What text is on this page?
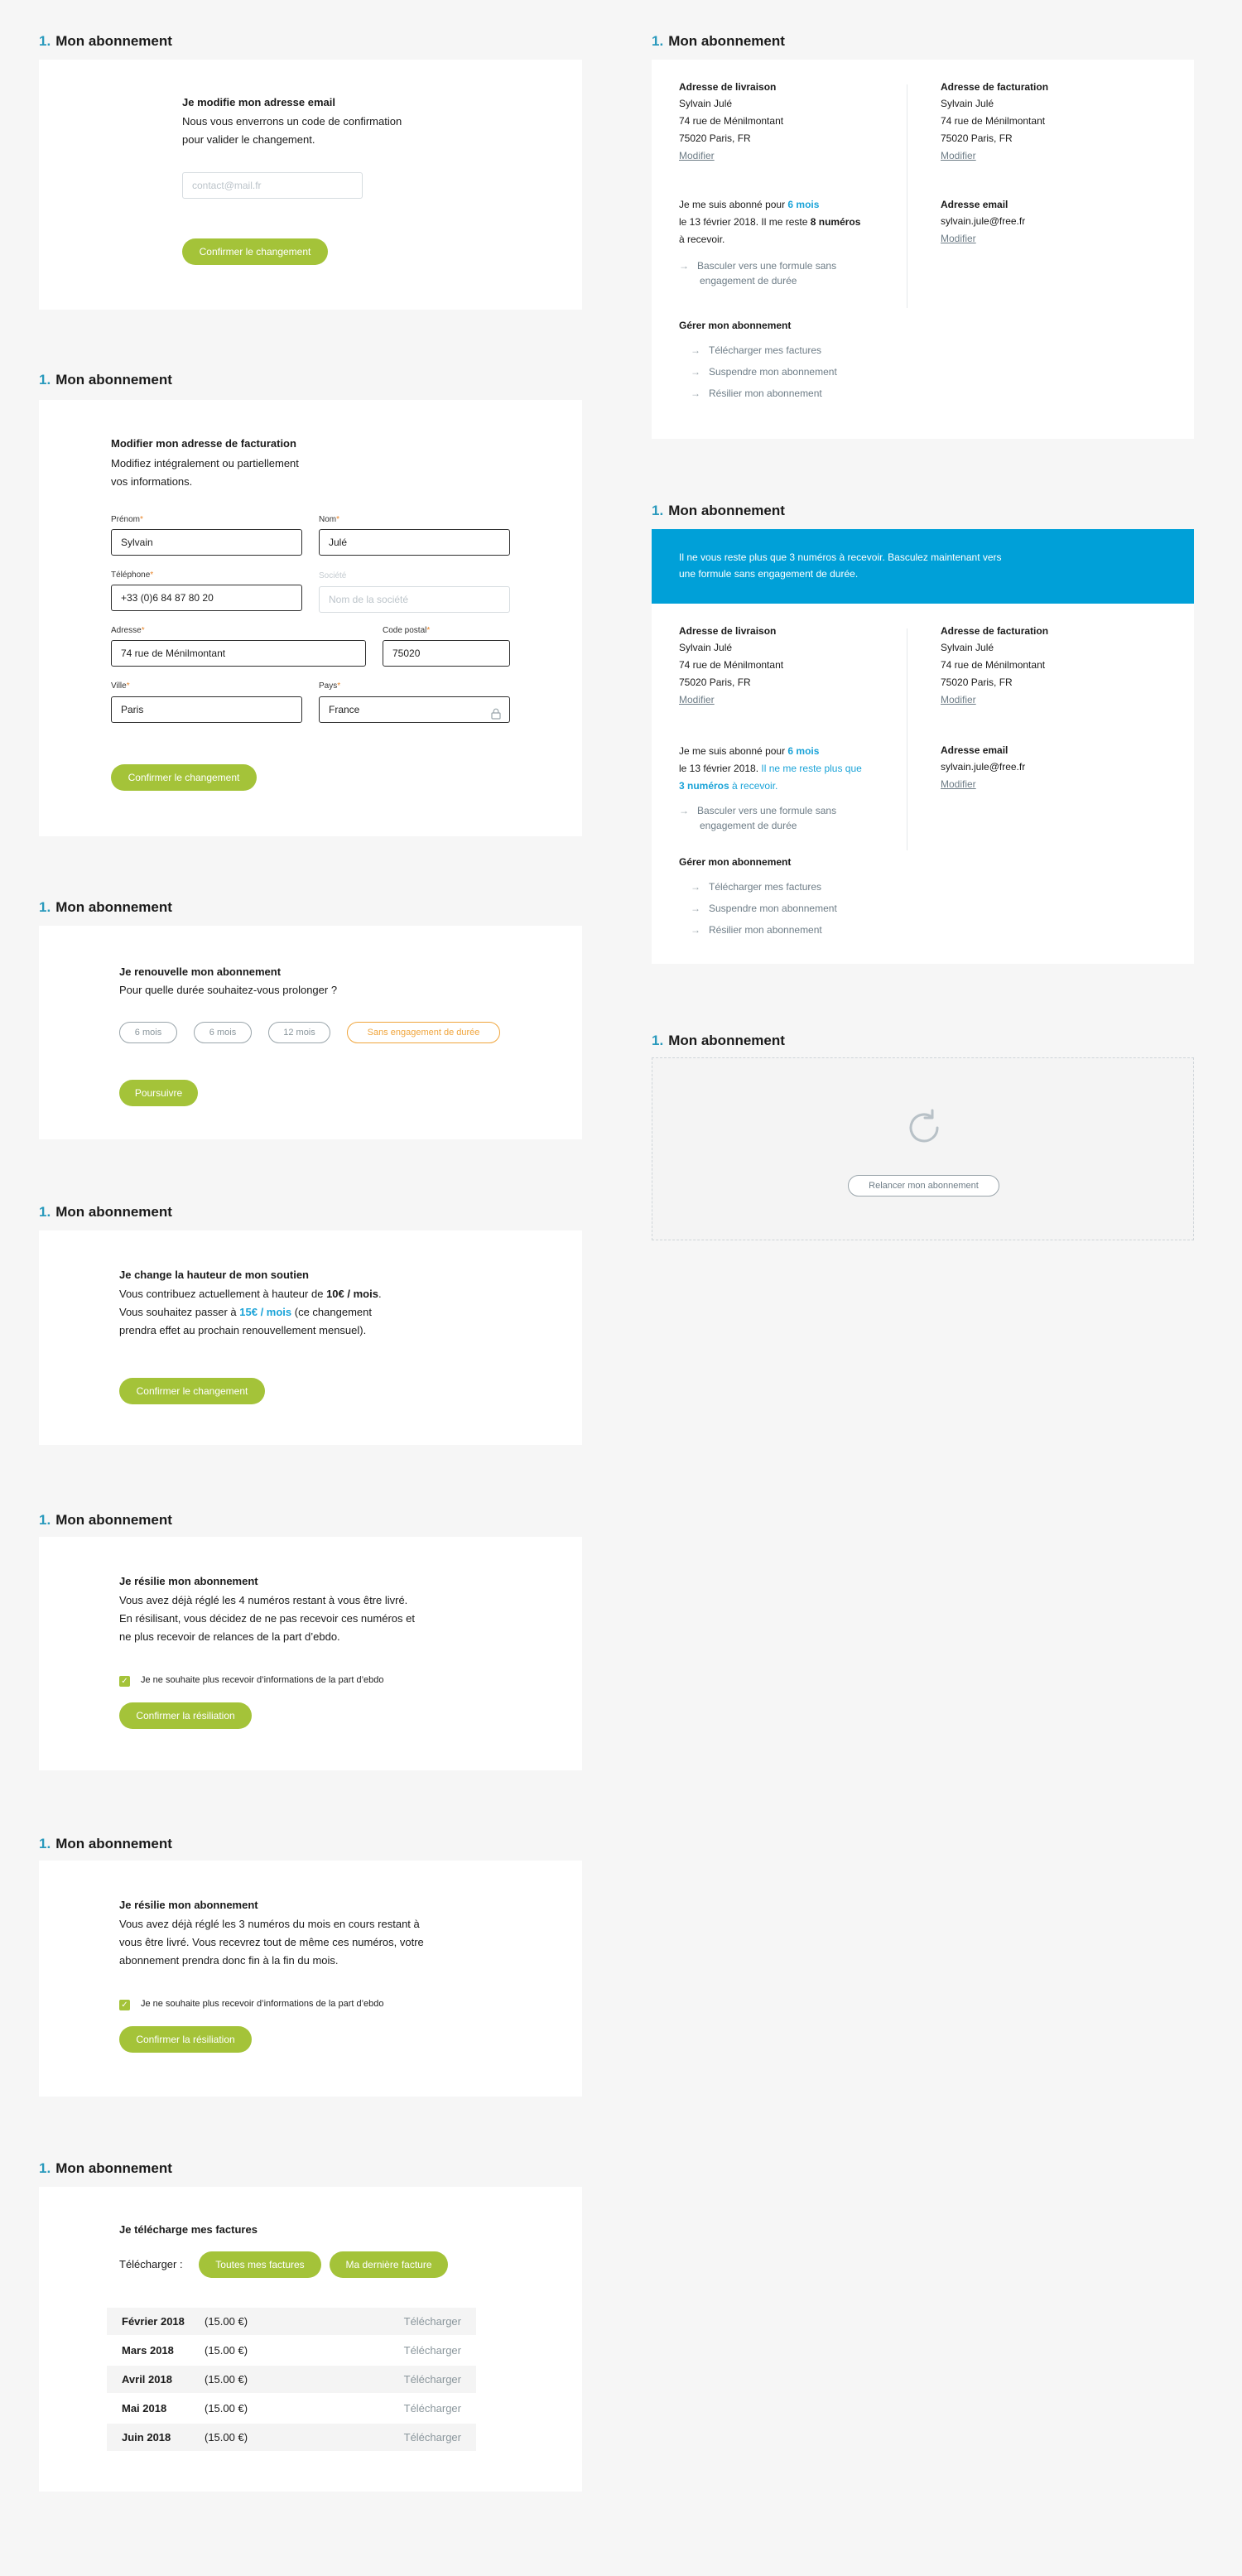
1. Mon abonnement
Je modifie mon adresse email
Nous vous enverrons un code de confirmation
pour valider le changement.
contact@mail.fr
Confirmer le changement
1. Mon abonnement
Modifier mon adresse de facturation
Modifiez intégralement ou partiellement
vos informations.
Prénom*
Sylvain
Nom*
Julé
Téléphone*
+33 (0)6 84 87 80 20
Société
Nom de la société
Adresse*
74 rue de Ménilmontant
Code postal*
75020
Ville*
Paris
Pays*
France
Confirmer le changement
1. Mon abonnement
Je renouvelle mon abonnement
Pour quelle durée souhaitez-vous prolonger ?
6 mois	6 mois	12 mois	Sans engagement de durée
Poursuivre
1. Mon abonnement
Je change la hauteur de mon soutien
Vous contribuez actuellement à hauteur de 10€ / mois.
Vous souhaitez passer à 15€ / mois (ce changement
prendra effet au prochain renouvellement mensuel).
Confirmer le changement
1. Mon abonnement
Je résilie mon abonnement
Vous avez déjà réglé les 4 numéros restant à vous être livré.
En résilisant, vous décidez de ne pas recevoir ces numéros et
ne plus recevoir de relances de la part d’ebdo.
✓ Je ne souhaite plus recevoir d’informations de la part d’ebdo
Confirmer la résiliation
1. Mon abonnement
Je résilie mon abonnement
Vous avez déjà réglé les 3 numéros du mois en cours restant à
vous être livré. Vous recevrez tout de même ces numéros, votre
abonnement prendra donc fin à la fin du mois.
✓ Je ne souhaite plus recevoir d’informations de la part d’ebdo
Confirmer la résiliation
1. Mon abonnement
Je télécharge mes factures
Télécharger :	Toutes mes factures	Ma dernière facture
Février 2018 (15.00 €)	Télécharger
Mars 2018	(15.00 €)	Télécharger
Avril 2018	(15.00 €)	Télécharger
Mai 2018	(15.00 €)	Télécharger
Juin 2018	(15.00 €)	Télécharger
1. Mon abonnement
Adresse de livraison
Sylvain Julé
74 rue de Ménilmontant
75020 Paris, FR
Modifier
Adresse de facturation
Sylvain Julé
74 rue de Ménilmontant
75020 Paris, FR
Modifier
Je me suis abonné pour 6 mois
le 13 février 2018. Il me reste 8 numéros
à recevoir.
→ Basculer vers une formule sans
engagement de durée
Adresse email
sylvain.jule@free.fr
Modifier
Gérer mon abonnement
→ Télécharger mes factures
→ Suspendre mon abonnement
→ Résilier mon abonnement
1. Mon abonnement
Il ne vous reste plus que 3 numéros à recevoir. Basculez maintenant vers
une formule sans engagement de durée.
Adresse de livraison
Sylvain Julé
74 rue de Ménilmontant
75020 Paris, FR
Modifier
Adresse de facturation
Sylvain Julé
74 rue de Ménilmontant
75020 Paris, FR
Modifier
Je me suis abonné pour 6 mois
le 13 février 2018. Il ne me reste plus que
3 numéros à recevoir.
→ Basculer vers une formule sans
engagement de durée
Adresse email
sylvain.jule@free.fr
Modifier
Gérer mon abonnement
→ Télécharger mes factures
→ Suspendre mon abonnement
→ Résilier mon abonnement
1. Mon abonnement
Relancer mon abonnement
